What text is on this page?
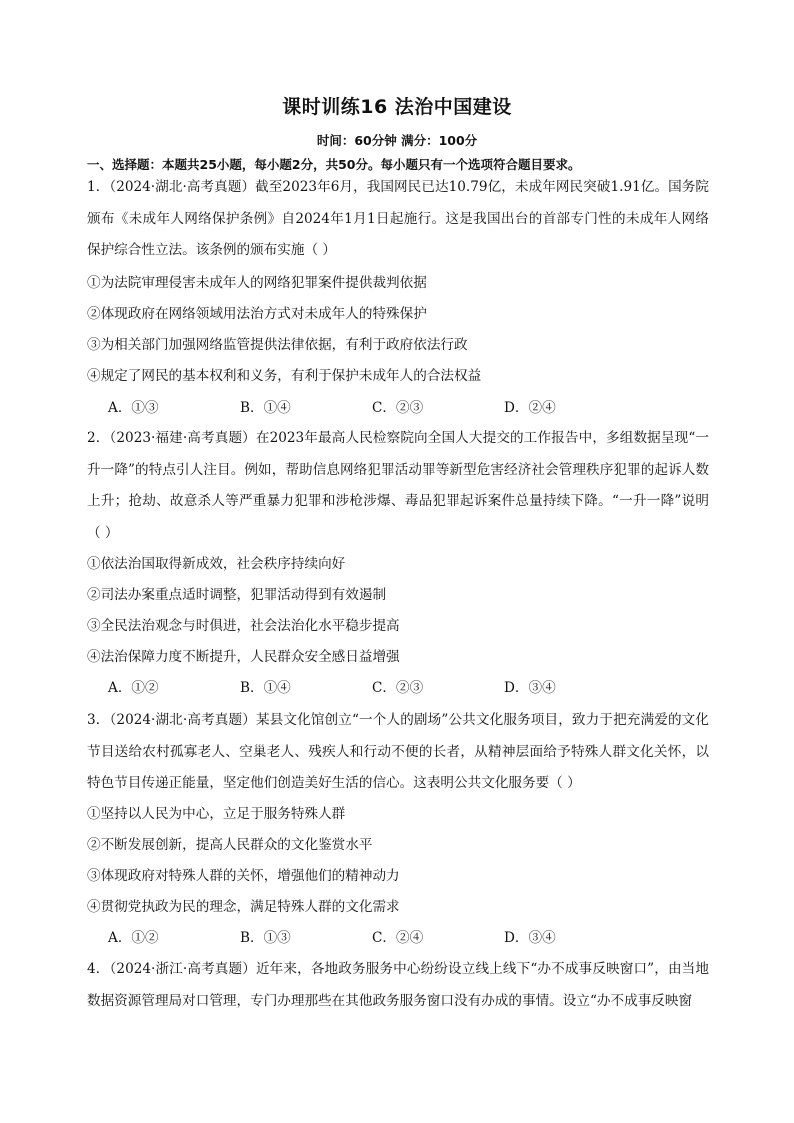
课时训练16 法治中国建设
时间：60分钟 满分：100分
一、选择题：本题共25小题，每小题2分，共50分。每小题只有一个选项符合题目要求。
1．（2024·湖北·高考真题）截至2023年6月，我国网民已达10.79亿，未成年网民突破1.91亿。国务院颁布《未成年人网络保护条例》自2024年1月1日起施行。这是我国出台的首部专门性的未成年人网络保护综合性立法。该条例的颁布实施（ ）
①为法院审理侵害未成年人的网络犯罪案件提供裁判依据
②体现政府在网络领域用法治方式对未成年人的特殊保护
③为相关部门加强网络监管提供法律依据，有利于政府依法行政
④规定了网民的基本权利和义务，有利于保护未成年人的合法权益
A．①③	B．①④	C．②③	D．②④
2．（2023·福建·高考真题）在2023年最高人民检察院向全国人大提交的工作报告中，多组数据呈现“一升一降”的特点引人注目。例如，帮助信息网络犯罪活动罪等新型危害经济社会管理秩序犯罪的起诉人数上升；抢劫、故意杀人等严重暴力犯罪和涉枪涉爆、毒品犯罪起诉案件总量持续下降。“一升一降”说明（ ）
①依法治国取得新成效，社会秩序持续向好
②司法办案重点适时调整，犯罪活动得到有效遏制
③全民法治观念与时俱进，社会法治化水平稳步提高
④法治保障力度不断提升，人民群众安全感日益增强
A．①②	B．①④	C．②③	D．③④
3．（2024·湖北·高考真题）某县文化馆创立“一个人的剧场”公共文化服务项目，致力于把充满爱的文化节目送给农村孤寡老人、空巢老人、残疾人和行动不便的长者，从精神层面给予特殊人群文化关怀，以特色节目传递正能量，坚定他们创造美好生活的信心。这表明公共文化服务要（ ）
①坚持以人民为中心，立足于服务特殊人群
②不断发展创新，提高人民群众的文化鉴赏水平
③体现政府对特殊人群的关怀，增强他们的精神动力
④贯彻党执政为民的理念，满足特殊人群的文化需求
A．①②	B．①③	C．②④	D．③④
4．（2024·浙江·高考真题）近年来，各地政务服务中心纷纷设立线上线下“办不成事反映窗口”，由当地数据资源管理局对口管理，专门办理那些在其他政务服务窗口没有办成的事情。设立“办不成事反映窗
